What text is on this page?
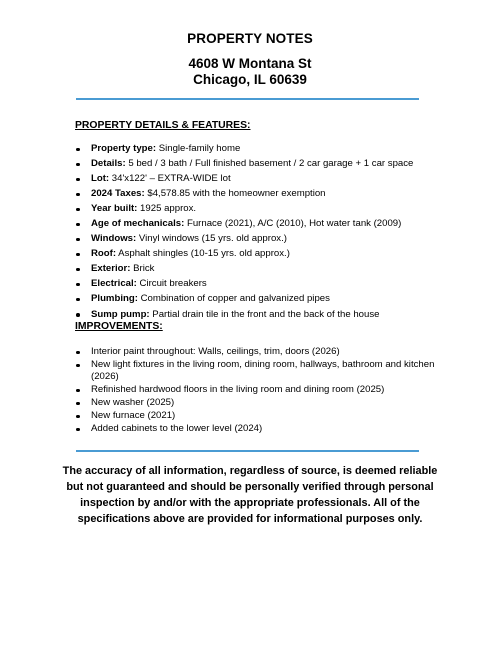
PROPERTY NOTES
4608 W Montana St
Chicago, IL 60639
PROPERTY DETAILS & FEATURES:
Property type: Single-family home
Details: 5 bed / 3 bath / Full finished basement / 2 car garage + 1 car space
Lot: 34'x122' – EXTRA-WIDE lot
2024 Taxes: $4,578.85 with the homeowner exemption
Year built: 1925 approx.
Age of mechanicals: Furnace (2021), A/C (2010), Hot water tank (2009)
Windows: Vinyl windows (15 yrs. old approx.)
Roof: Asphalt shingles (10-15 yrs. old approx.)
Exterior: Brick
Electrical: Circuit breakers
Plumbing: Combination of copper and galvanized pipes
Sump pump: Partial drain tile in the front and the back of the house
IMPROVEMENTS:
Interior paint throughout: Walls, ceilings, trim, doors (2026)
New light fixtures in the living room, dining room, hallways, bathroom and kitchen (2026)
Refinished hardwood floors in the living room and dining room (2025)
New washer (2025)
New furnace (2021)
Added cabinets to the lower level (2024)
The accuracy of all information, regardless of source, is deemed reliable but not guaranteed and should be personally verified through personal inspection by and/or with the appropriate professionals. All of the specifications above are provided for informational purposes only.
